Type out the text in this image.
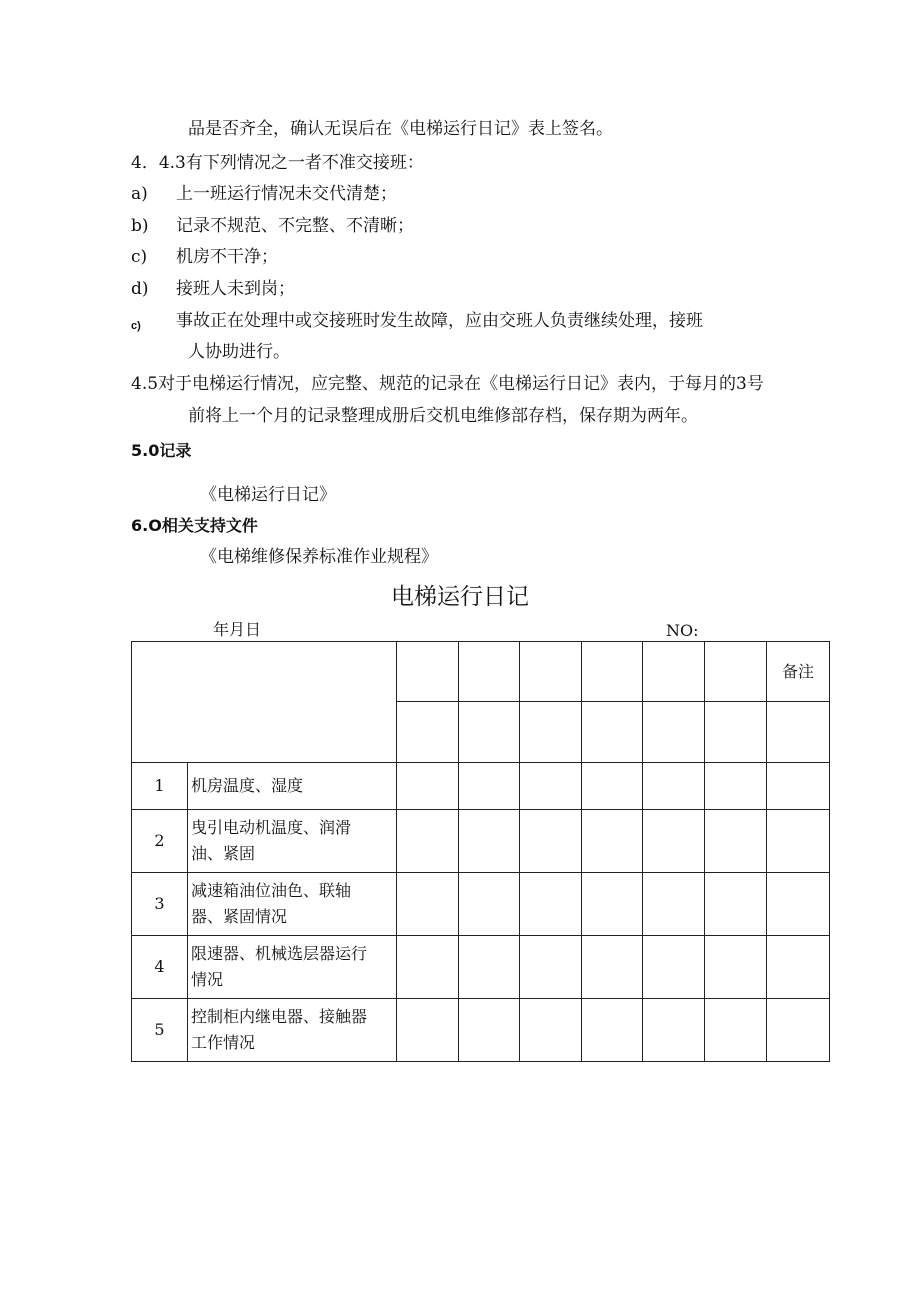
品是否齐全，确认无误后在《电梯运行日记》表上签名。
4．4.3有下列情况之一者不准交接班：
a) 上一班运行情况未交代清楚；
b) 记录不规范、不完整、不清晰；
c) 机房不干净；
d) 接班人未到岗；
c) 事故正在处理中或交接班时发生故障，应由交班人负责继续处理，接班
人协助进行。
4.5对于电梯运行情况，应完整、规范的记录在《电梯运行日记》表内，于每月的3号
前将上一个月的记录整理成册后交机电维修部存档，保存期为两年。
5.0记录
《电梯运行日记》
6.O相关支持文件
《电梯维修保养标准作业规程》
电梯运行日记
年月日	NO:
								备注

1	机房温度、湿度							
2	曳引电动机温度、润滑
油、紧固							

3	减速箱油位油色、联轴
器、紧固情况							

4	限速器、机械选层器运行
情况							

5	控制柜内继电器、接触器
工作情况							
